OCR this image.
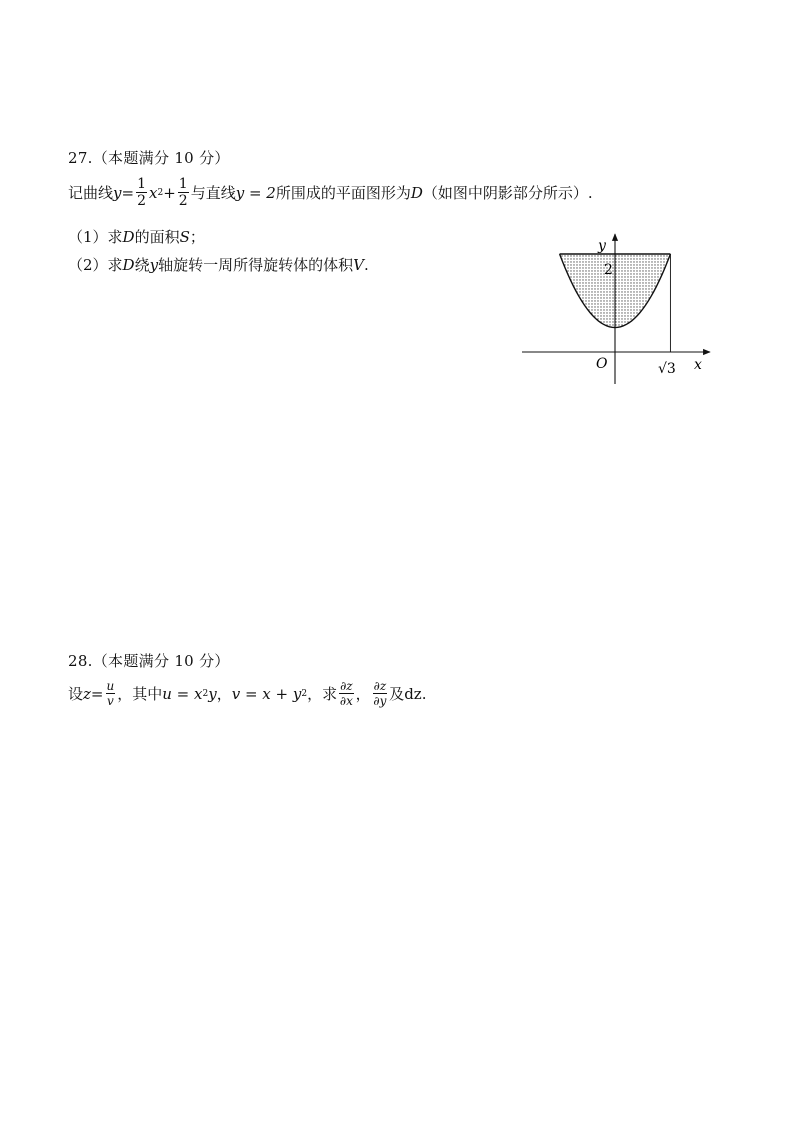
27.（本题满分 10 分）
记曲线 $y = \frac{1}{2}$ x $2 + \frac{1}{2}$ 与直线 y = 2 所围成的平面图形为 D （如图中阴影部分所示）.
（1）求 D 的面积 S ；
（2）求 D 绕 y 轴旋转一周所得旋转体的体积 V .
y
x
O
2
√3
28.（本题满分 10 分）
设 $z = \frac{u}{v}$ ，其中 u = x 2 y ， v = x + y 2 ，求 $\frac{\partial z}{\partial x}$ ， $\frac{\partial z}{\partial y}$ 及 dz.
